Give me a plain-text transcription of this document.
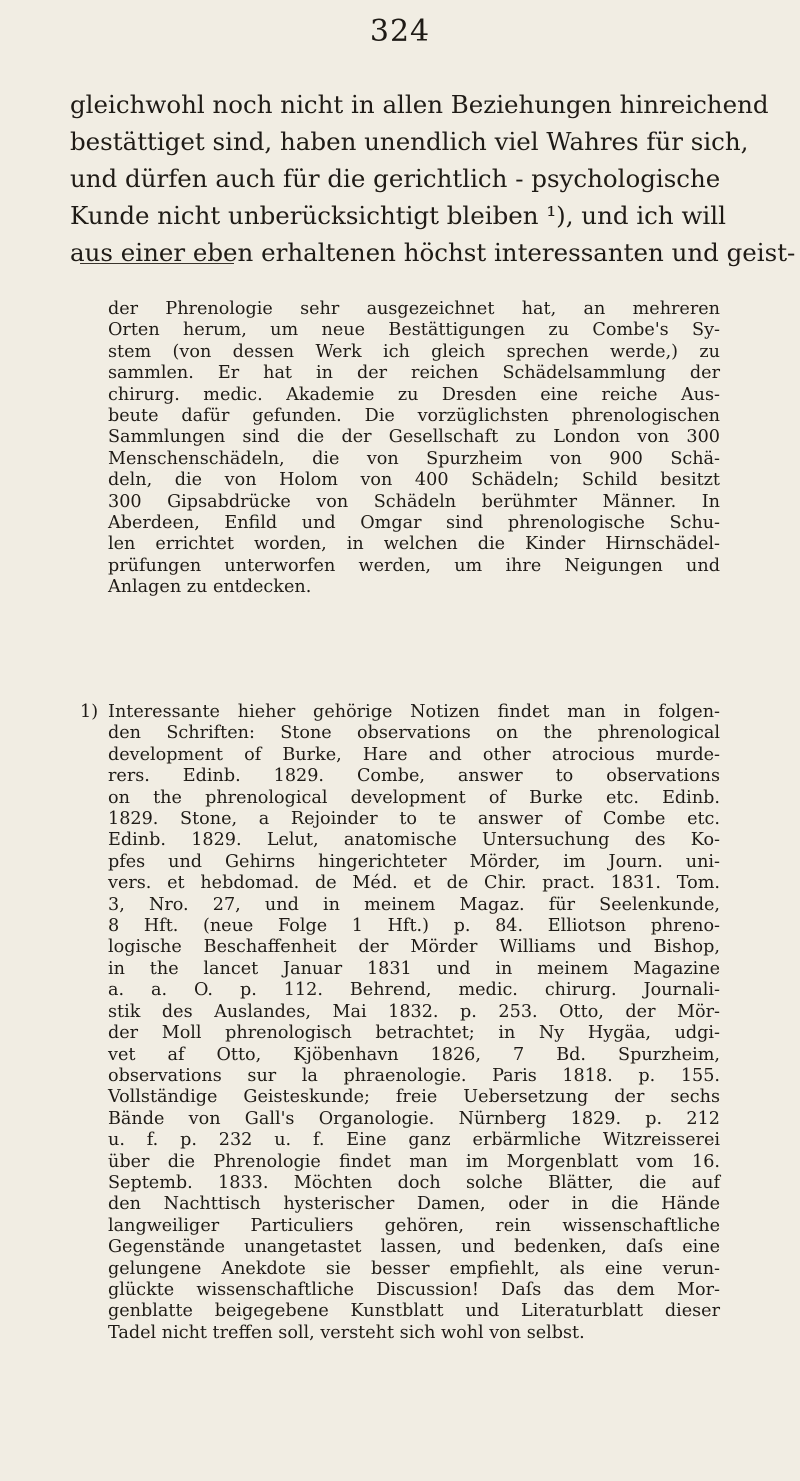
324
gleichwohl noch nicht in allen Beziehungen hinreichend
bestättiget sind, haben unendlich viel Wahres für sich,
und dürfen auch für die gerichtlich - psychologische
Kunde nicht unberücksichtigt bleiben ¹), und ich will
aus einer eben erhaltenen höchst interessanten und geist-
der Phrenologie sehr ausgezeichnet hat, an mehreren
Orten herum, um neue Bestättigungen zu Combe's Sy-
stem (von dessen Werk ich gleich sprechen werde,) zu
sammlen. Er hat in der reichen Schädelsammlung der
chirurg. medic. Akademie zu Dresden eine reiche Aus-
beute dafür gefunden. Die vorzüglichsten phrenologischen
Sammlungen sind die der Gesellschaft zu London von 300
Menschenschädeln, die von Spurzheim von 900 Schä-
deln, die von Holom von 400 Schädeln; Schild besitzt
300 Gipsabdrücke von Schädeln berühmter Männer. In
Aberdeen, Enfild und Omgar sind phrenologische Schu-
len errichtet worden, in welchen die Kinder Hirnschädel-
prüfungen unterworfen werden, um ihre Neigungen und
Anlagen zu entdecken.
1) Interessante hieher gehörige Notizen findet man in folgen-
den Schriften: Stone observations on the phrenological
development of Burke, Hare and other atrocious murde-
rers. Edinb. 1829. Combe, answer to observations
on the phrenological development of Burke etc. Edinb.
1829. Stone, a Rejoinder to te answer of Combe etc.
Edinb. 1829. Lelut, anatomische Untersuchung des Ko-
pfes und Gehirns hingerichteter Mörder, im Journ. uni-
vers. et hebdomad. de Méd. et de Chir. pract. 1831. Tom.
3, Nro. 27, und in meinem Magaz. für Seelenkunde,
8 Hft. (neue Folge 1 Hft.) p. 84. Elliotson phreno-
logische Beschaffenheit der Mörder Williams und Bishop,
in the lancet Januar 1831 und in meinem Magazine
a. a. O. p. 112. Behrend, medic. chirurg. Journali-
stik des Auslandes, Mai 1832. p. 253. Otto, der Mör-
der Moll phrenologisch betrachtet; in Ny Hygäa, udgi-
vet af Otto, Kjöbenhavn 1826, 7 Bd. Spurzheim,
observations sur la phraenologie. Paris 1818. p. 155.
Vollständige Geisteskunde; freie Uebersetzung der sechs
Bände von Gall's Organologie. Nürnberg 1829. p. 212
u. f. p. 232 u. f. Eine ganz erbärmliche Witzreisserei
über die Phrenologie findet man im Morgenblatt vom 16.
Septemb. 1833. Möchten doch solche Blätter, die auf
den Nachttisch hysterischer Damen, oder in die Hände
langweiliger Particuliers gehören, rein wissenschaftliche
Gegenstände unangetastet lassen, und bedenken, daſs eine
gelungene Anekdote sie besser empfiehlt, als eine verun-
glückte wissenschaftliche Discussion! Daſs das dem Mor-
genblatte beigegebene Kunstblatt und Literaturblatt dieser
Tadel nicht treffen soll, versteht sich wohl von selbst.
